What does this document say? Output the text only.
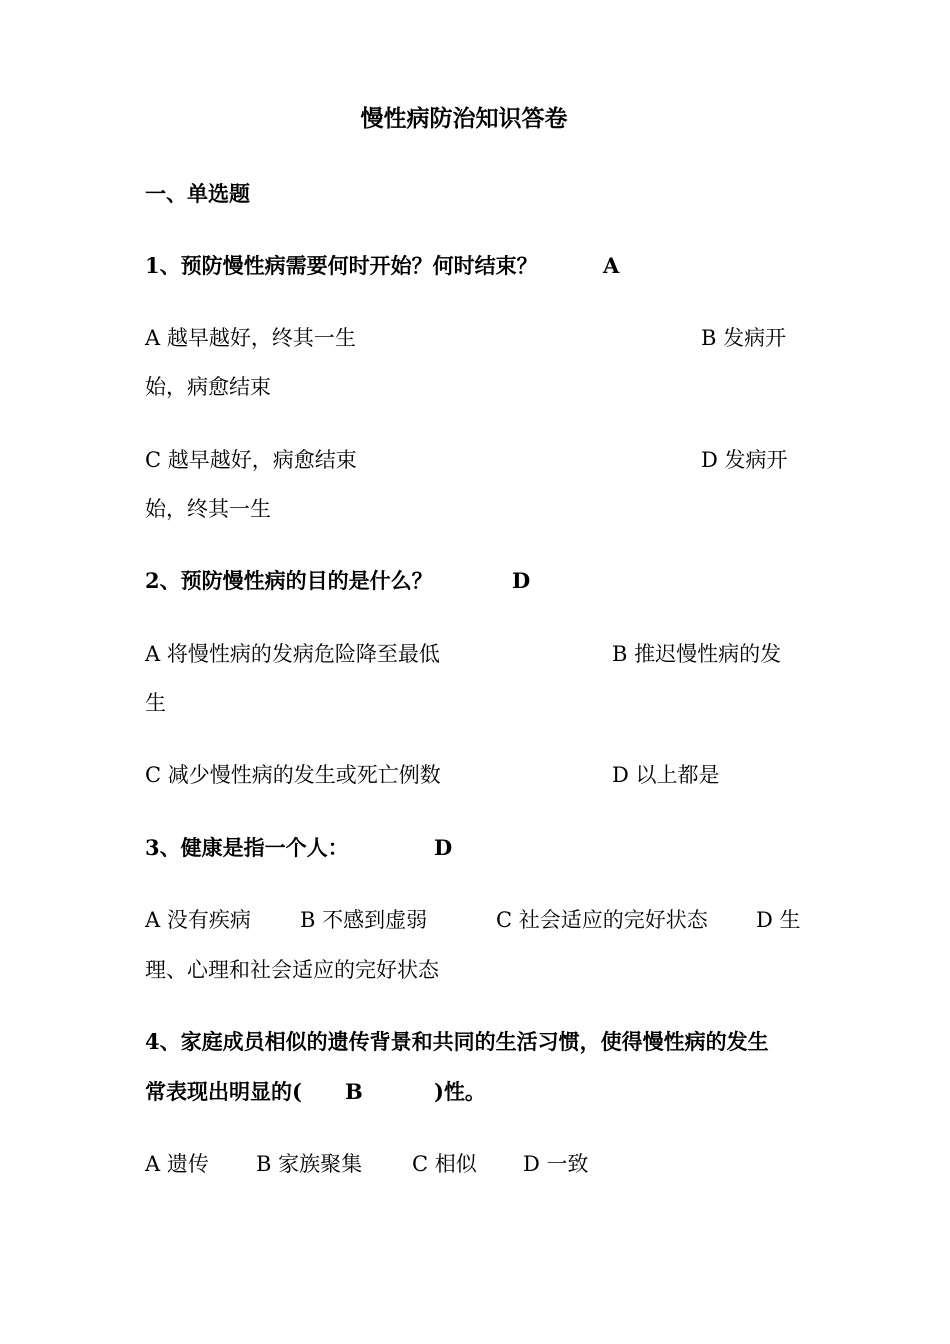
慢性病防治知识答卷
一、单选题
1、预防慢性病需要何时开始？何时结束？	A
A 越早越好，终其一生	B 发病开
始，病愈结束
C 越早越好，病愈结束	D 发病开
始，终其一生
2、预防慢性病的目的是什么？	D
A 将慢性病的发病危险降至最低	B 推迟慢性病的发
生
C 减少慢性病的发生或死亡例数	D 以上都是
3、健康是指一个人：	D
A 没有疾病 B 不感到虚弱	C 社会适应的完好状态 D 生
理、心理和社会适应的完好状态
4、家庭成员相似的遗传背景和共同的生活习惯，使得慢性病的发生
常表现出明显的( B	)性。
A 遗传 B 家族聚集 C 相似 D 一致
